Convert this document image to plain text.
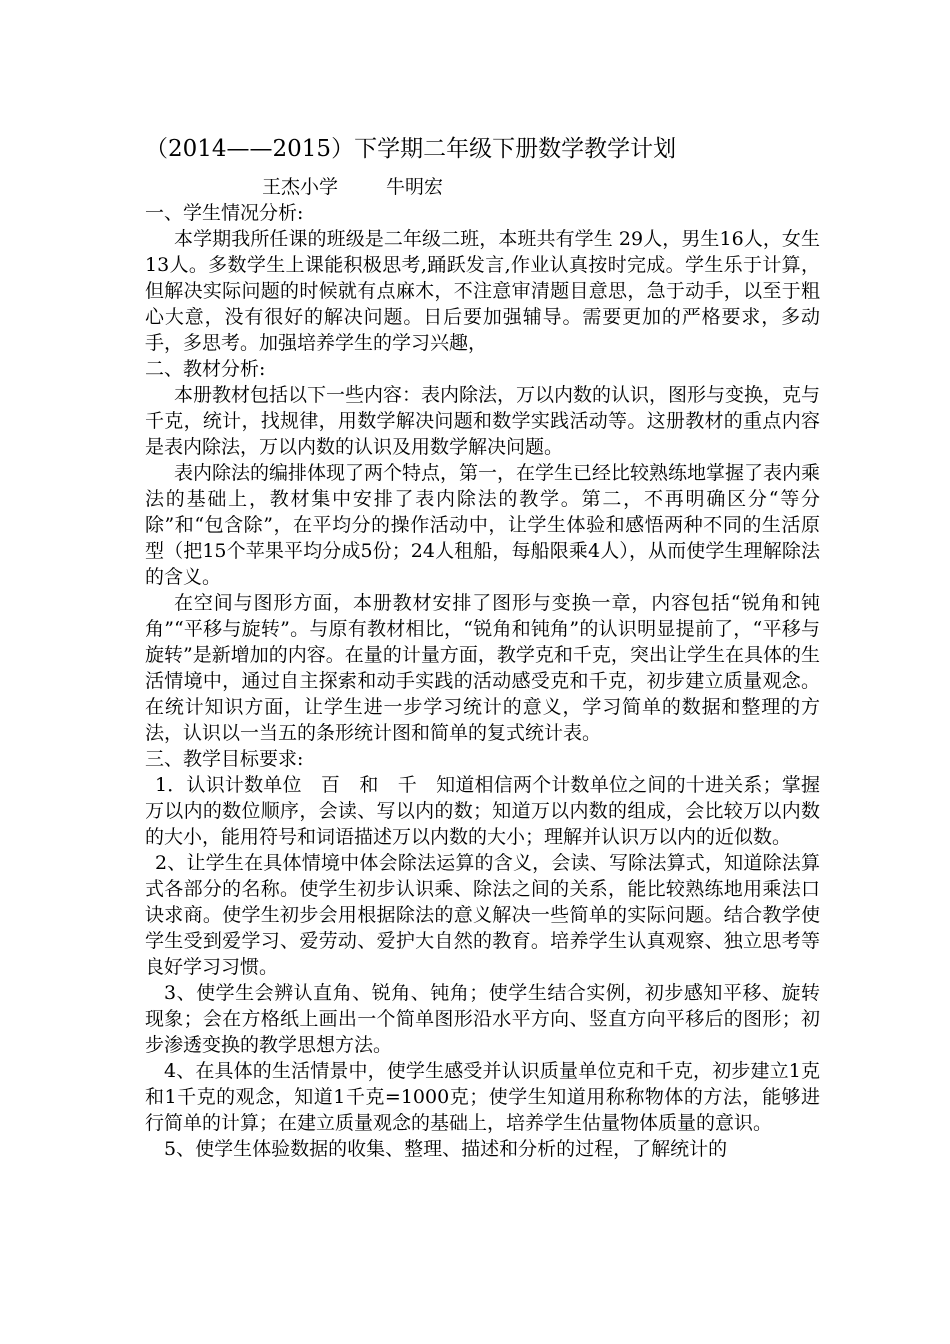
（2014——2015）下学期二年级下册数学教学计划
王杰小学	牛明宏

一、学生情况分析:

本学期我所任课的班级是二年级二班，本班共有学生 29人，男生16人，女生13人。多数学生上课能积极思考,踊跃发言,作业认真按时完成。学生乐于计算，但解决实际问题的时候就有点麻木，不注意审清题目意思，急于动手，以至于粗心大意，没有很好的解决问题。日后要加强辅导。需要更加的严格要求，多动手，多思考。加强培养学生的学习兴趣，

二、教材分析:

本册教材包括以下一些内容：表内除法，万以内数的认识，图形与变换，克与千克，统计，找规律，用数学解决问题和数学实践活动等。这册教材的重点内容是表内除法，万以内数的认识及用数学解决问题。

表内除法的编排体现了两个特点，第一，在学生已经比较熟练地掌握了表内乘法的基础上，教材集中安排了表内除法的教学。第二，不再明确区分“等分除”和“包含除”，在平均分的操作活动中，让学生体验和感悟两种不同的生活原型（把15个苹果平均分成5份；24人租船，每船限乘4人），从而使学生理解除法的含义。

在空间与图形方面，本册教材安排了图形与变换一章，内容包括“锐角和钝角”“平移与旋转”。与原有教材相比，“锐角和钝角”的认识明显提前了，“平移与旋转”是新增加的内容。在量的计量方面，教学克和千克，突出让学生在具体的生活情境中，通过自主探索和动手实践的活动感受克和千克，初步建立质量观念。在统计知识方面，让学生进一步学习统计的意义，学习简单的数据和整理的方法，认识以一当五的条形统计图和简单的复式统计表。

三、教学目标要求:

1．认识计数单位　百　和　千　知道相信两个计数单位之间的十进关系；掌握万以内的数位顺序，会读、写以内的数；知道万以内数的组成，会比较万以内数的大小，能用符号和词语描述万以内数的大小；理解并认识万以内的近似数。

2、让学生在具体情境中体会除法运算的含义，会读、写除法算式，知道除法算式各部分的名称。使学生初步认识乘、除法之间的关系，能比较熟练地用乘法口诀求商。使学生初步会用根据除法的意义解决一些简单的实际问题。结合教学使学生受到爱学习、爱劳动、爱护大自然的教育。培养学生认真观察、独立思考等良好学习习惯。

3、使学生会辨认直角、锐角、钝角；使学生结合实例，初步感知平移、旋转现象；会在方格纸上画出一个简单图形沿水平方向、竖直方向平移后的图形；初步渗透变换的教学思想方法。

4、在具体的生活情景中，使学生感受并认识质量单位克和千克，初步建立1克和1千克的观念，知道1千克=1000克；使学生知道用称称物体的方法，能够进行简单的计算；在建立质量观念的基础上，培养学生估量物体质量的意识。

5、使学生体验数据的收集、整理、描述和分析的过程，了解统计的
